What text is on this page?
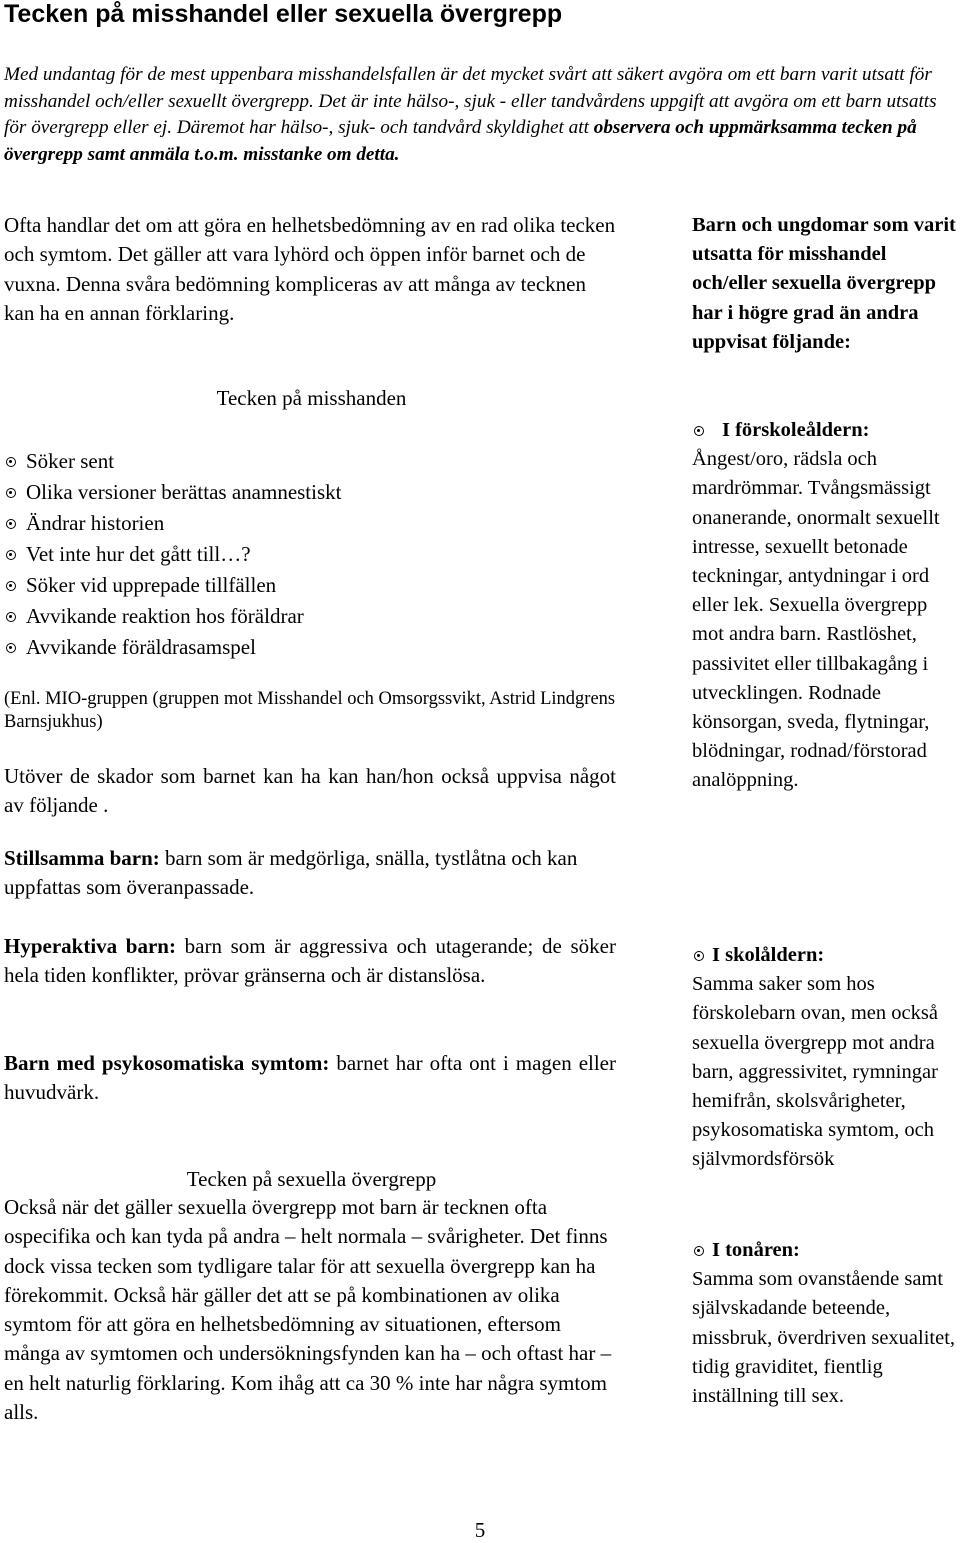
Tecken på misshandel eller sexuella övergrepp

Med undantag för de mest uppenbara misshandelsfallen är det mycket svårt att säkert avgöra om ett barn varit utsatt för misshandel och/eller sexuellt övergrepp. Det är inte hälso-, sjuk - eller tandvårdens uppgift att avgöra om ett barn utsatts för övergrepp eller ej. Däremot har hälso-, sjuk- och tandvård skyldighet att observera och uppmärksamma tecken på övergrepp samt anmäla t.o.m. misstanke om detta.

Ofta handlar det om att göra en helhetsbedömning av en rad olika tecken och symtom. Det gäller att vara lyhörd och öppen inför barnet och de vuxna. Denna svåra bedömning kompliceras av att många av tecknen kan ha en annan förklaring.

Tecken på misshanden
Söker sent
Olika versioner berättas anamnestiskt
Ändrar historien
Vet inte hur det gått till…?
Söker vid upprepade tillfällen
Avvikande reaktion hos föräldrar
Avvikande föräldrasamspel

(Enl. MIO-gruppen (gruppen mot Misshandel och Omsorgssvikt, Astrid Lindgrens Barnsjukhus)

Utöver de skador som barnet kan ha kan han/hon också uppvisa något av följande .

Stillsamma barn: barn som är medgörliga, snälla, tystlåtna och kan uppfattas som överanpassade.

Hyperaktiva barn: barn som är aggressiva och utagerande; de söker hela tiden konflikter, prövar gränserna och är distanslösa.

Barn med psykosomatiska symtom: barnet har ofta ont i magen eller huvudvärk.

Tecken på sexuella övergrepp

Också när det gäller sexuella övergrepp mot barn är tecknen ofta ospecifika och kan tyda på andra – helt normala – svårigheter. Det finns dock vissa tecken som tydligare talar för att sexuella övergrepp kan ha förekommit. Också här gäller det att se på kombinationen av olika symtom för att göra en helhetsbedömning av situationen, eftersom många av symtomen och undersökningsfynden kan ha – och oftast har – en helt naturlig förklaring. Kom ihåg att ca 30 % inte har några symtom alls.

Barn och ungdomar som varit utsatta för misshandel och/eller sexuella övergrepp har i högre grad än andra uppvisat följande:
I förskoleåldern:
Ångest/oro, rädsla och mardrömmar. Tvångsmässigt onanerande, onormalt sexuellt intresse, sexuellt betonade teckningar, antydningar i ord eller lek. Sexuella övergrepp mot andra barn. Rastlöshet, passivitet eller tillbakagång i utvecklingen. Rodnade könsorgan, sveda, flytningar, blödningar, rodnad/förstorad analöppning.
I skolåldern:
Samma saker som hos förskolebarn ovan, men också sexuella övergrepp mot andra barn, aggressivitet, rymningar hemifrån, skolsvårigheter, psykosomatiska symtom, och självmordsförsök
I tonåren:
Samma som ovanstående samt självskadande beteende, missbruk, överdriven sexualitet, tidig graviditet, fientlig inställning till sex.
5
